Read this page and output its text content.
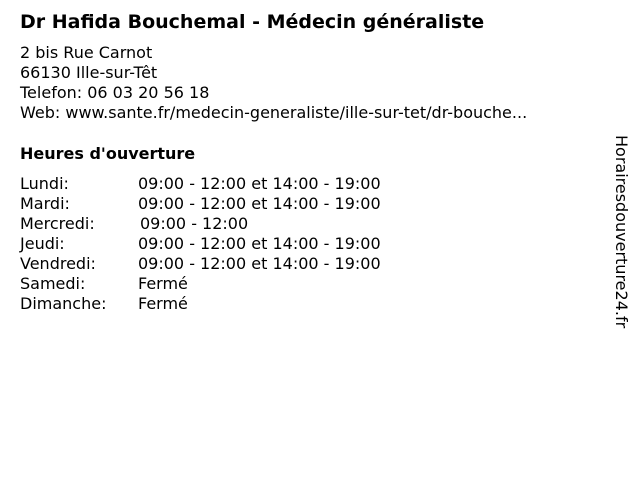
Dr Hafida Bouchemal - Médecin généraliste
2 bis Rue Carnot
66130 Ille-sur-Têt
Telefon: 06 03 20 56 18
Web: www.sante.fr/medecin-generaliste/ille-sur-tet/dr-bouche...
Heures d'ouverture
Lundi:	09:00 - 12:00 et 14:00 - 19:00
Mardi:	09:00 - 12:00 et 14:00 - 19:00
Mercredi:	09:00 - 12:00
Jeudi:	09:00 - 12:00 et 14:00 - 19:00
Vendredi:	09:00 - 12:00 et 14:00 - 19:00
Samedi:	Fermé
Dimanche: Fermé	Horairesdouverture24.fr
